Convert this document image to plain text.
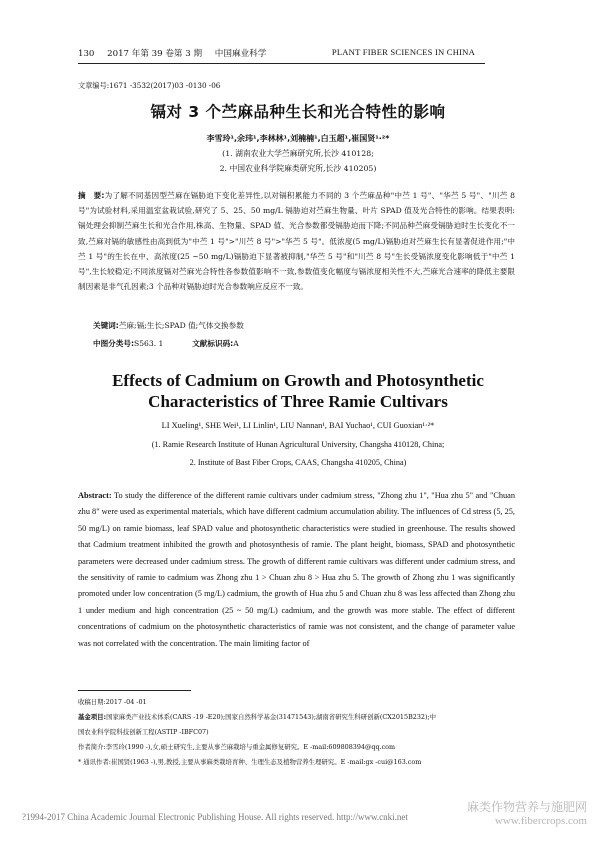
130 2017 年第 39 卷第 3 期 中国麻业科学	PLANT FIBER SCIENCES IN CHINA
文章编号:1671 -3532(2017)03 -0130 -06
镉对 3 个苎麻品种生长和光合特性的影响
李雪玲¹,余玮¹,李林林¹,刘楠楠¹,白玉超¹,崔国贤¹·²*
(1. 湖南农业大学苎麻研究所,长沙 410128;
2. 中国农业科学院麻类研究所,长沙 410205)
摘　要:为了解不同基因型苎麻在镉胁迫下变化差异性,以对镉积累能力不同的 3 个苎麻品种"中苎 1 号"、"华苎 5 号"、"川苎 8 号"为试验材料,采用温室盆栽试验,研究了 5、25、50 mg/L 镉胁迫对苎麻生物量、叶片 SPAD 值及光合特性的影响。结果表明:镉处理会抑制苎麻生长和光合作用,株高、生物量、SPAD 值、光合参数都受镉胁迫而下降;不同品种苎麻受镉胁迫时生长变化不一致,苎麻对镉的敏感性由高到低为"中苎 1 号">"川苎 8 号">"华苎 5 号"。低浓度(5 mg/L)镉胁迫对苎麻生长有显著促进作用;"中苎 1 号"的生长在中、高浓度(25 ~50 mg/L)镉胁迫下显著被抑制,"华苎 5 号"和"川苎 8 号"生长受镉浓度变化影响低于"中苎 1 号",生长较稳定;不同浓度镉对苎麻光合特性各参数值影响不一致,参数值变化幅度与镉浓度相关性不大,苎麻光合速率的降低主要限制因素是非气孔因素;3 个品种对镉胁迫时光合参数响应反应不一致。
关键词:苎麻;镉;生长;SPAD 值;气体交换参数
中图分类号:S563. 1	文献标识码:A
Effects of Cadmium on Growth and Photosynthetic
Characteristics of Three Ramie Cultivars
LI Xueling¹, SHE Wei¹, LI Linlin¹, LIU Nannan¹, BAI Yuchao¹, CUI Guoxian¹·²*
(1. Ramie Research Institute of Hunan Agricultural University, Changsha 410128, China;
2. Institute of Bast Fiber Crops, CAAS, Changsha 410205, China)
Abstract: To study the difference of the different ramie cultivars under cadmium stress, "Zhong zhu 1", "Hua zhu 5" and "Chuan zhu 8" were used as experimental materials, which have different cadmium accumulation ability. The influences of Cd stress (5, 25, 50 mg/L) on ramie biomass, leaf SPAD value and photosynthetic characteristics were studied in greenhouse. The results showed that Cadmium treatment inhibited the growth and photosynthesis of ramie. The plant height, biomass, SPAD and photosynthetic parameters were decreased under cadmium stress. The growth of different ramie cultivars was different under cadmium stress, and the sensitivity of ramie to cadmium was Zhong zhu 1 > Chuan zhu 8 > Hua zhu 5. The growth of Zhong zhu 1 was significantly promoted under low concentration (5 mg/L) cadmium, the growth of Hua zhu 5 and Chuan zhu 8 was less affected than Zhong zhu 1 under medium and high concentration (25 ~ 50 mg/L) cadmium, and the growth was more stable. The effect of different concentrations of cadmium on the photosynthetic characteristics of ramie was not consistent, and the change of parameter value was not correlated with the concentration. The main limiting factor of
收稿日期:2017 -04 -01
基金项目:国家麻类产业技术体系(CARS -19 -E20);国家自然科学基金(31471543);湖南省研究生科研创新(CX2015B232);中
国农业科学院科技创新工程(ASTIP -IBFC07)
作者简介:李雪玲(1990 -),女,硕士研究生,主要从事苎麻栽培与重金属修复研究。E -mail:609808394@qq.com
* 通讯作者:崔国贤(1963 -),男,教授,主要从事麻类栽培育种、生理生态及植物营养生理研究。E -mail:gx -cui@163.com
?1994-2017 China Academic Journal Electronic Publishing House. All rights reserved. http://www.cnki.net
麻类作物营养与施肥网
www.fibercrops.com
